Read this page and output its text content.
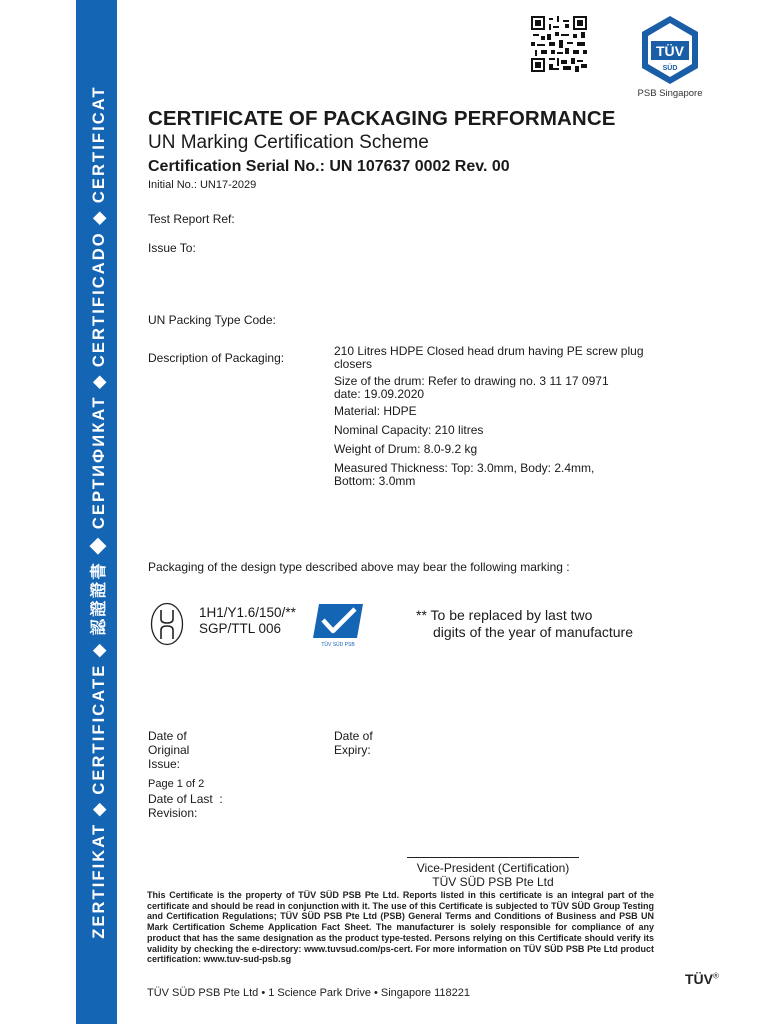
ZERTIFIKAT ◆ CERTIFICATE ◆ 認證證書 ◆ СЕРТИФИКАТ ◆ CERTIFICADO ◆ CERTIFICAT
TÜV
SÜD
PSB Singapore
CERTIFICATE OF PACKAGING PERFORMANCE
UN Marking Certification Scheme
Certification Serial No.: UN 107637 0002 Rev. 00
Initial No.: UN17-2029
Test Report Ref:
Issue To:
UN Packing Type Code:
Description of Packaging:	210 Litres HDPE Closed head drum having PE screw plug closers
Size of the drum: Refer to drawing no. 3 11 17 0971 date: 19.09.2020
Material: HDPE
Nominal Capacity: 210 litres
Weight of Drum: 8.0-9.2 kg
Measured Thickness: Top: 3.0mm, Body: 2.4mm, Bottom: 3.0mm
Packaging of the design type described above may bear the following marking :
1H1/Y1.6/150/**
SGP/TTL 006
TÜV SÜD PSB
** To be replaced by last two
digits of the year of manufacture
Date of
Original
Issue:
Date of
Expiry:
Page 1 of 2
Date of Last :
Revision:
Vice-President (Certification)
TÜV SÜD PSB Pte Ltd
This Certificate is the property of TÜV SÜD PSB Pte Ltd. Reports listed in this certificate is an integral part of the certificate and should be read in conjunction with it. The use of this Certificate is subjected to TÜV SÜD Group Testing and Certification Regulations; TÜV SÜD PSB Pte Ltd (PSB) General Terms and Conditions of Business and PSB UN Mark Certification Scheme Application Fact Sheet. The manufacturer is solely responsible for compliance of any product that has the same designation as the product type-tested. Persons relying on this Certificate should verify its validity by checking the e-directory: www.tuvsud.com/ps-cert. For more information on TÜV SÜD PSB Pte Ltd product certification: www.tuv-sud-psb.sg
TÜV SÜD PSB Pte Ltd • 1 Science Park Drive • Singapore 118221
TÜV®
